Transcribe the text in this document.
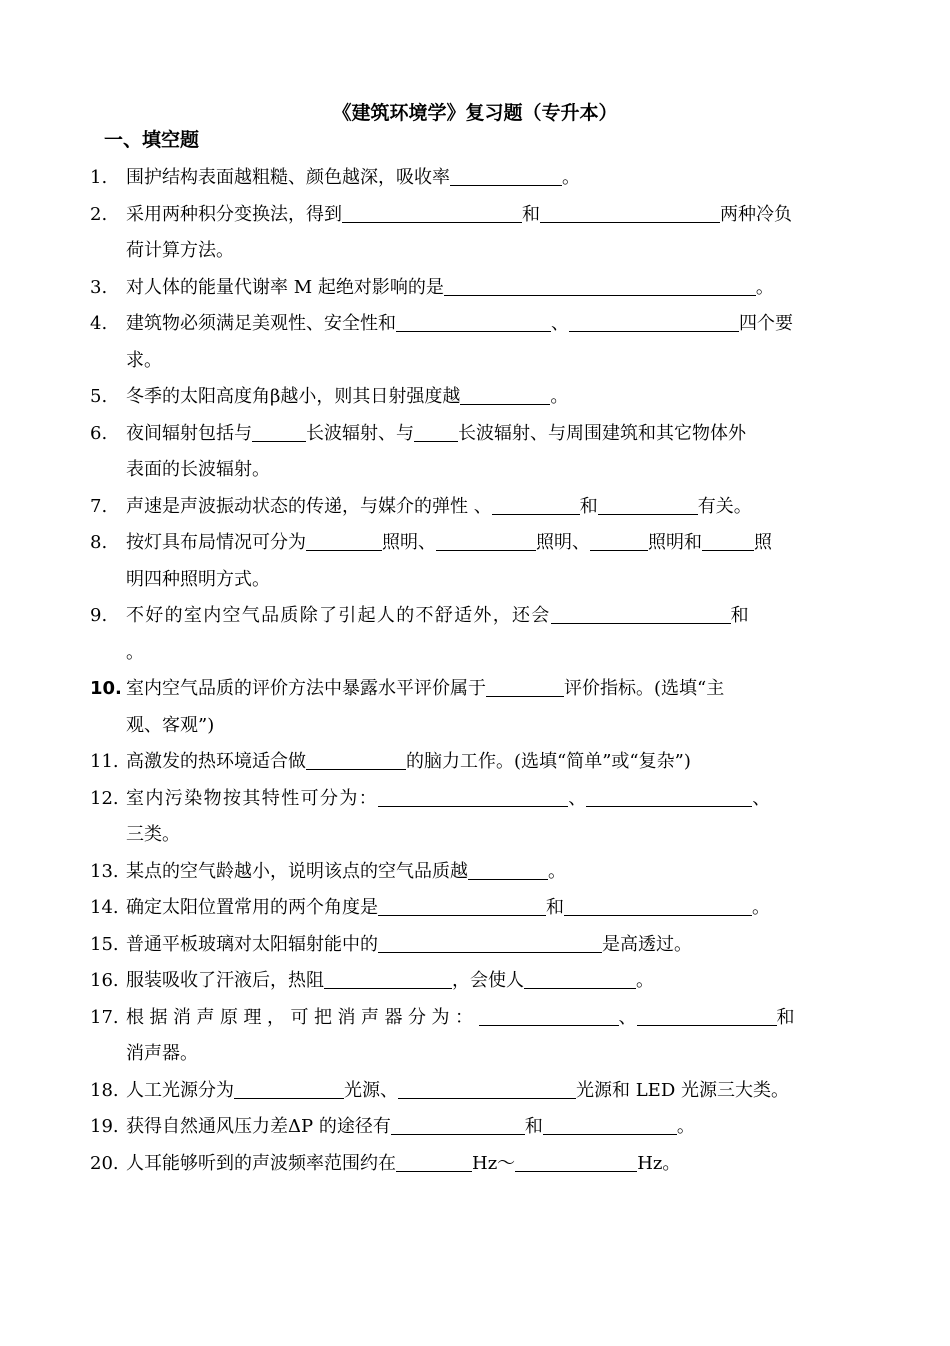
《建筑环境学》复习题（专升本）
一、填空题
1. 围护结构表面越粗糙、颜色越深，吸收率	。
2. 采用两种积分变换法，得到	和	两种冷负
荷计算方法。
3. 对人体的能量代谢率 M 起绝对影响的是	。
4. 建筑物必须满足美观性、安全性和	、	四个要
求。
5. 冬季的太阳高度角β越小，则其日射强度越	。
6. 夜间辐射包括与	长波辐射、与 长波辐射、与周围建筑和其它物体外
表面的长波辐射。
7. 声速是声波振动状态的传递，与媒介的弹性 、	和	有关。
8. 按灯具布局情况可分为	照明、	照明、	照明和	照
明四种照明方式。
9. 不好的室内空气品质除了引起人的不舒适外，还会	和
。
10. 室内空气品质的评价方法中暴露水平评价属于	评价指标。(选填“主
观、客观”)
11. 高激发的热环境适合做	的脑力工作。(选填“简单”或“复杂”)
12. 室内污染物按其特性可分为：	、	、
三类。
13. 某点的空气龄越小，说明该点的空气品质越	。
14. 确定太阳位置常用的两个角度是	和	。
15. 普通平板玻璃对太阳辐射能中的	是高透过。
16. 服装吸收了汗液后，热阻	，会使人	。
17. 根据消声原理，可把消声器分为：	、	和
消声器。
18. 人工光源分为	光源、	光源和 LED 光源三大类。
19. 获得自然通风压力差ΔP 的途径有	和	。
20. 人耳能够听到的声波频率范围约在	Hz～	Hz。
